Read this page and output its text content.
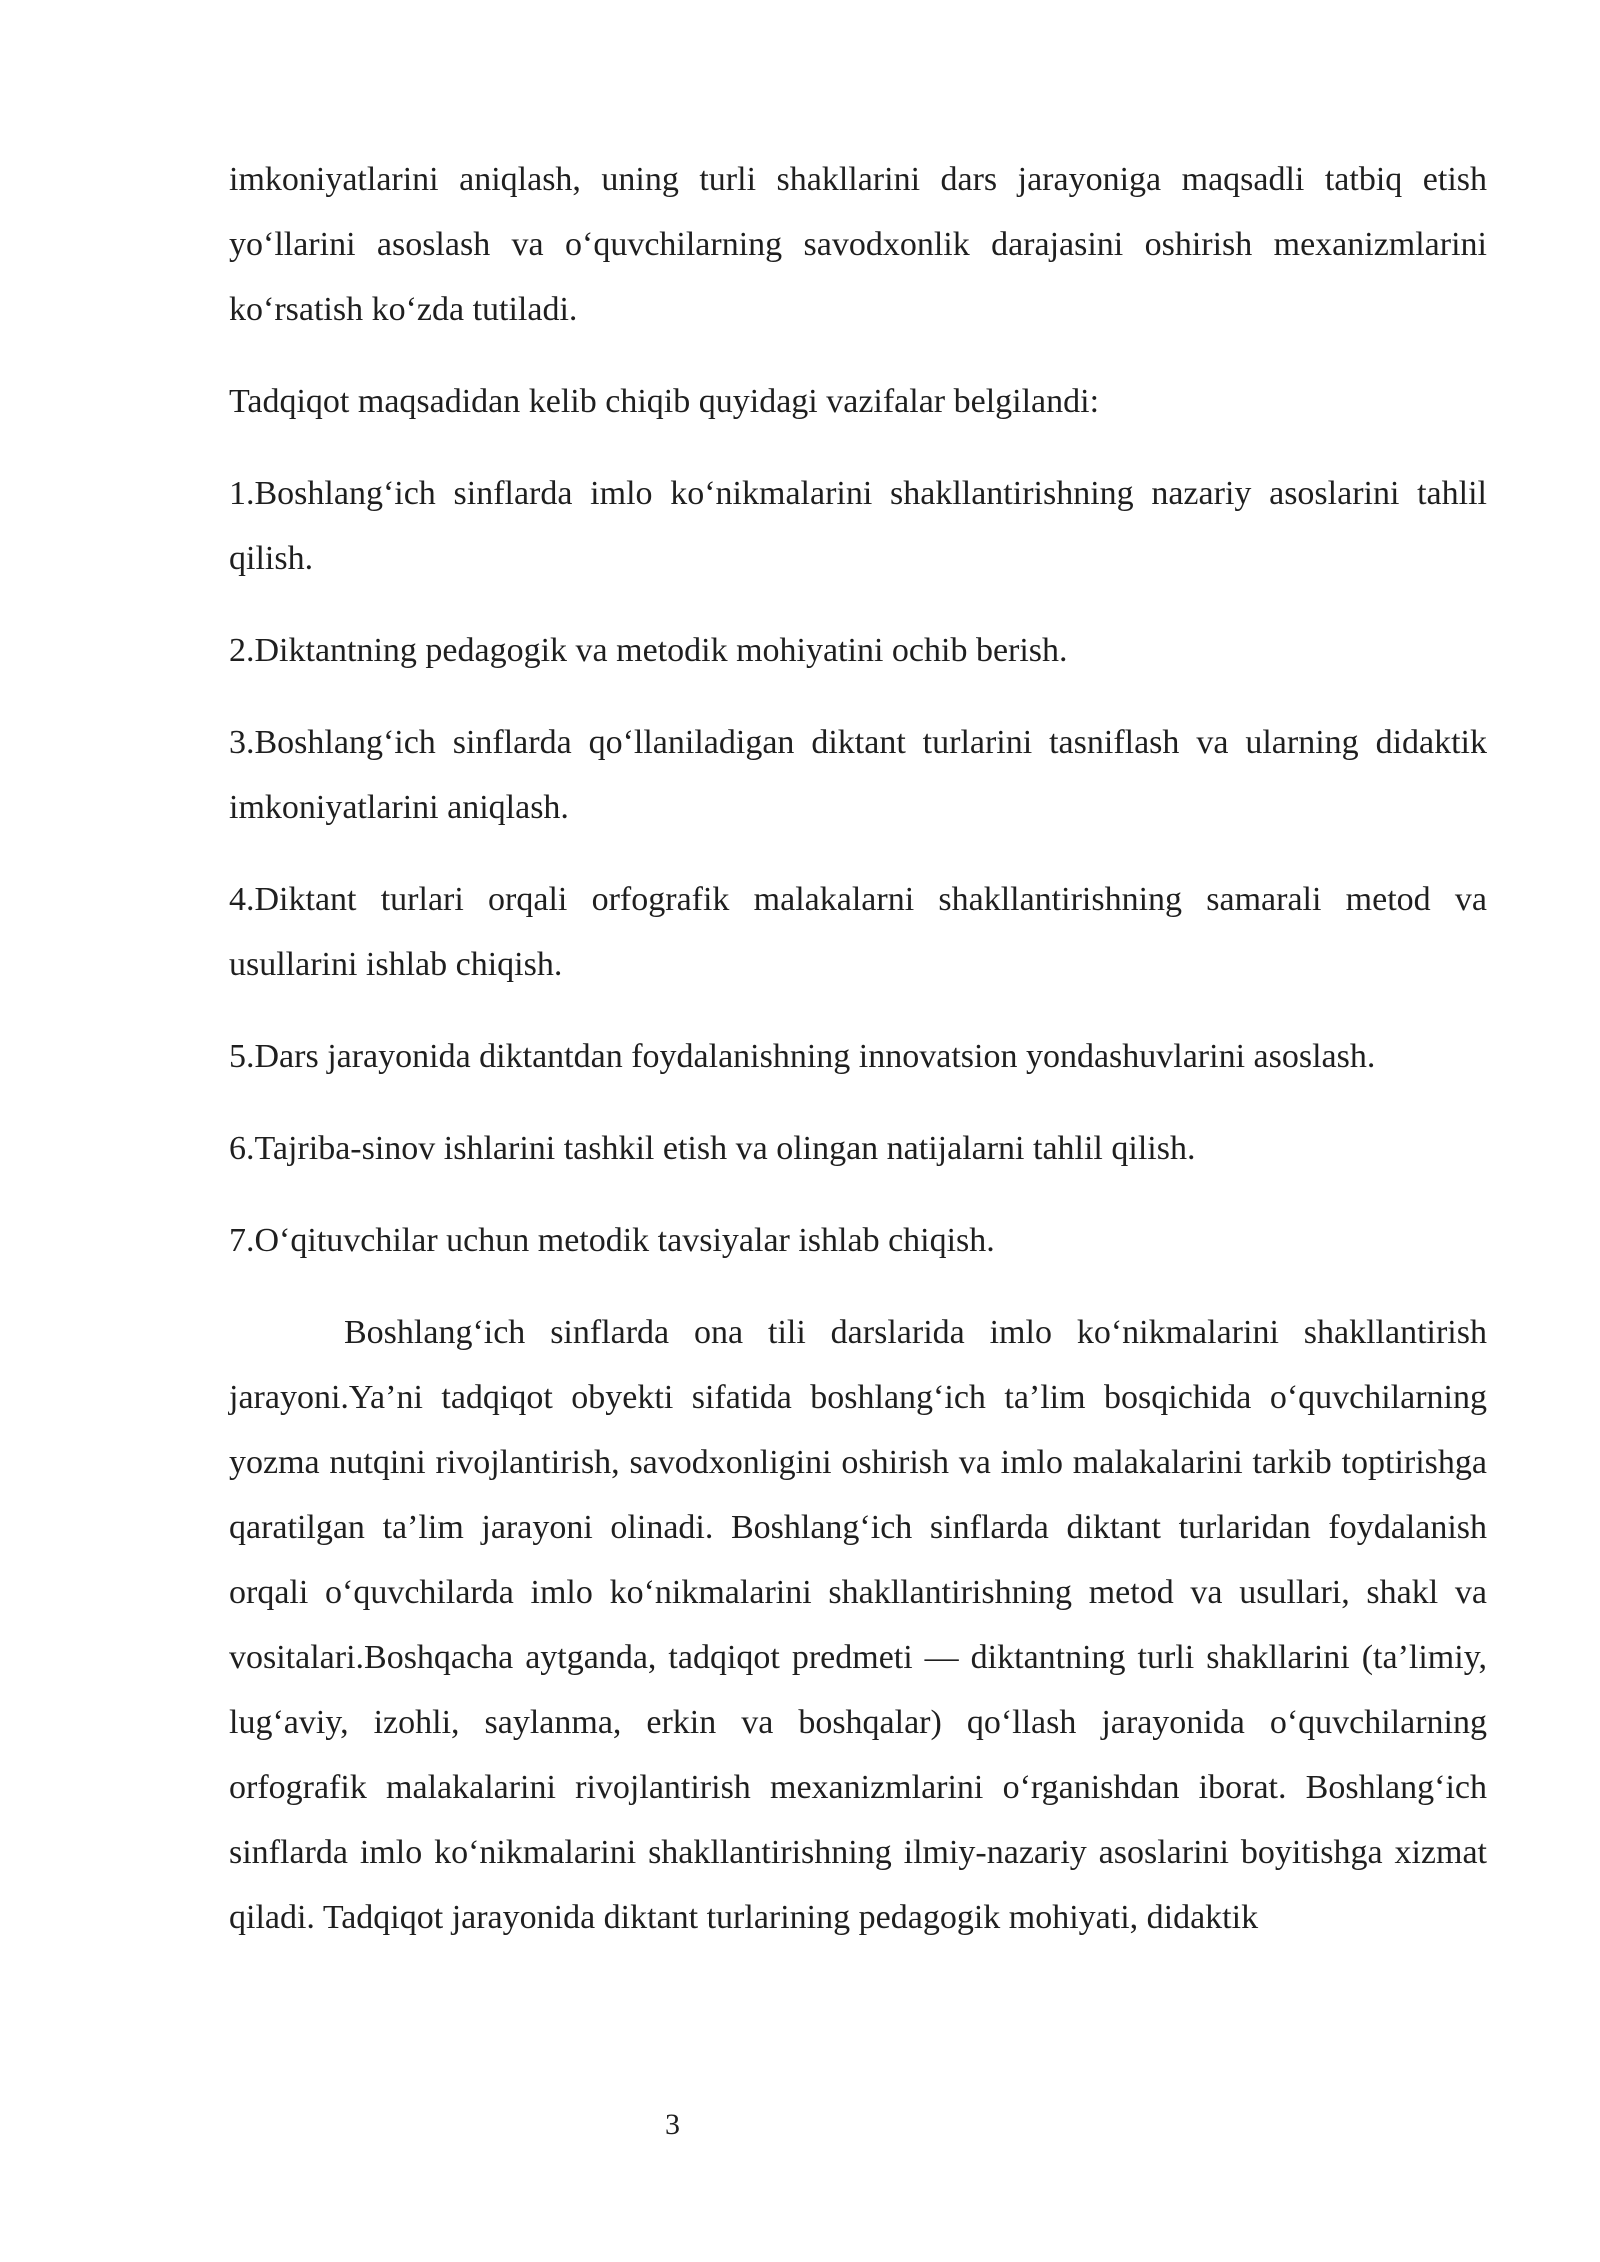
imkoniyatlarini aniqlash, uning turli shakllarini dars jarayoniga maqsadli tatbiq etish yo‘llarini asoslash va o‘quvchilarning savodxonlik darajasini oshirish mexanizmlarini ko‘rsatish ko‘zda tutiladi.

Tadqiqot maqsadidan kelib chiqib quyidagi vazifalar belgilandi:

1.Boshlang‘ich sinflarda imlo ko‘nikmalarini shakllantirishning nazariy asoslarini tahlil qilish.

2.Diktantning pedagogik va metodik mohiyatini ochib berish.

3.Boshlang‘ich sinflarda qo‘llaniladigan diktant turlarini tasniflash va ularning didaktik imkoniyatlarini aniqlash.

4.Diktant turlari orqali orfografik malakalarni shakllantirishning samarali metod va usullarini ishlab chiqish.

5.Dars jarayonida diktantdan foydalanishning innovatsion yondashuvlarini asoslash.

6.Tajriba-sinov ishlarini tashkil etish va olingan natijalarni tahlil qilish.

7.O‘qituvchilar uchun metodik tavsiyalar ishlab chiqish.

Boshlang‘ich sinflarda ona tili darslarida imlo ko‘nikmalarini shakllantirish jarayoni.Ya’ni tadqiqot obyekti sifatida boshlang‘ich ta’lim bosqichida o‘quvchilarning yozma nutqini rivojlantirish, savodxonligini oshirish va imlo malakalarini tarkib toptirishga qaratilgan ta’lim jarayoni olinadi. Boshlang‘ich sinflarda diktant turlaridan foydalanish orqali o‘quvchilarda imlo ko‘nikmalarini shakllantirishning metod va usullari, shakl va vositalari.Boshqacha aytganda, tadqiqot predmeti — diktantning turli shakllarini (ta’limiy, lug‘aviy, izohli, saylanma, erkin va boshqalar) qo‘llash jarayonida o‘quvchilarning orfografik malakalarini rivojlantirish mexanizmlarini o‘rganishdan iborat. Boshlang‘ich sinflarda imlo ko‘nikmalarini shakllantirishning ilmiy-nazariy asoslarini boyitishga xizmat qiladi. Tadqiqot jarayonida diktant turlarining pedagogik mohiyati, didaktik

3
